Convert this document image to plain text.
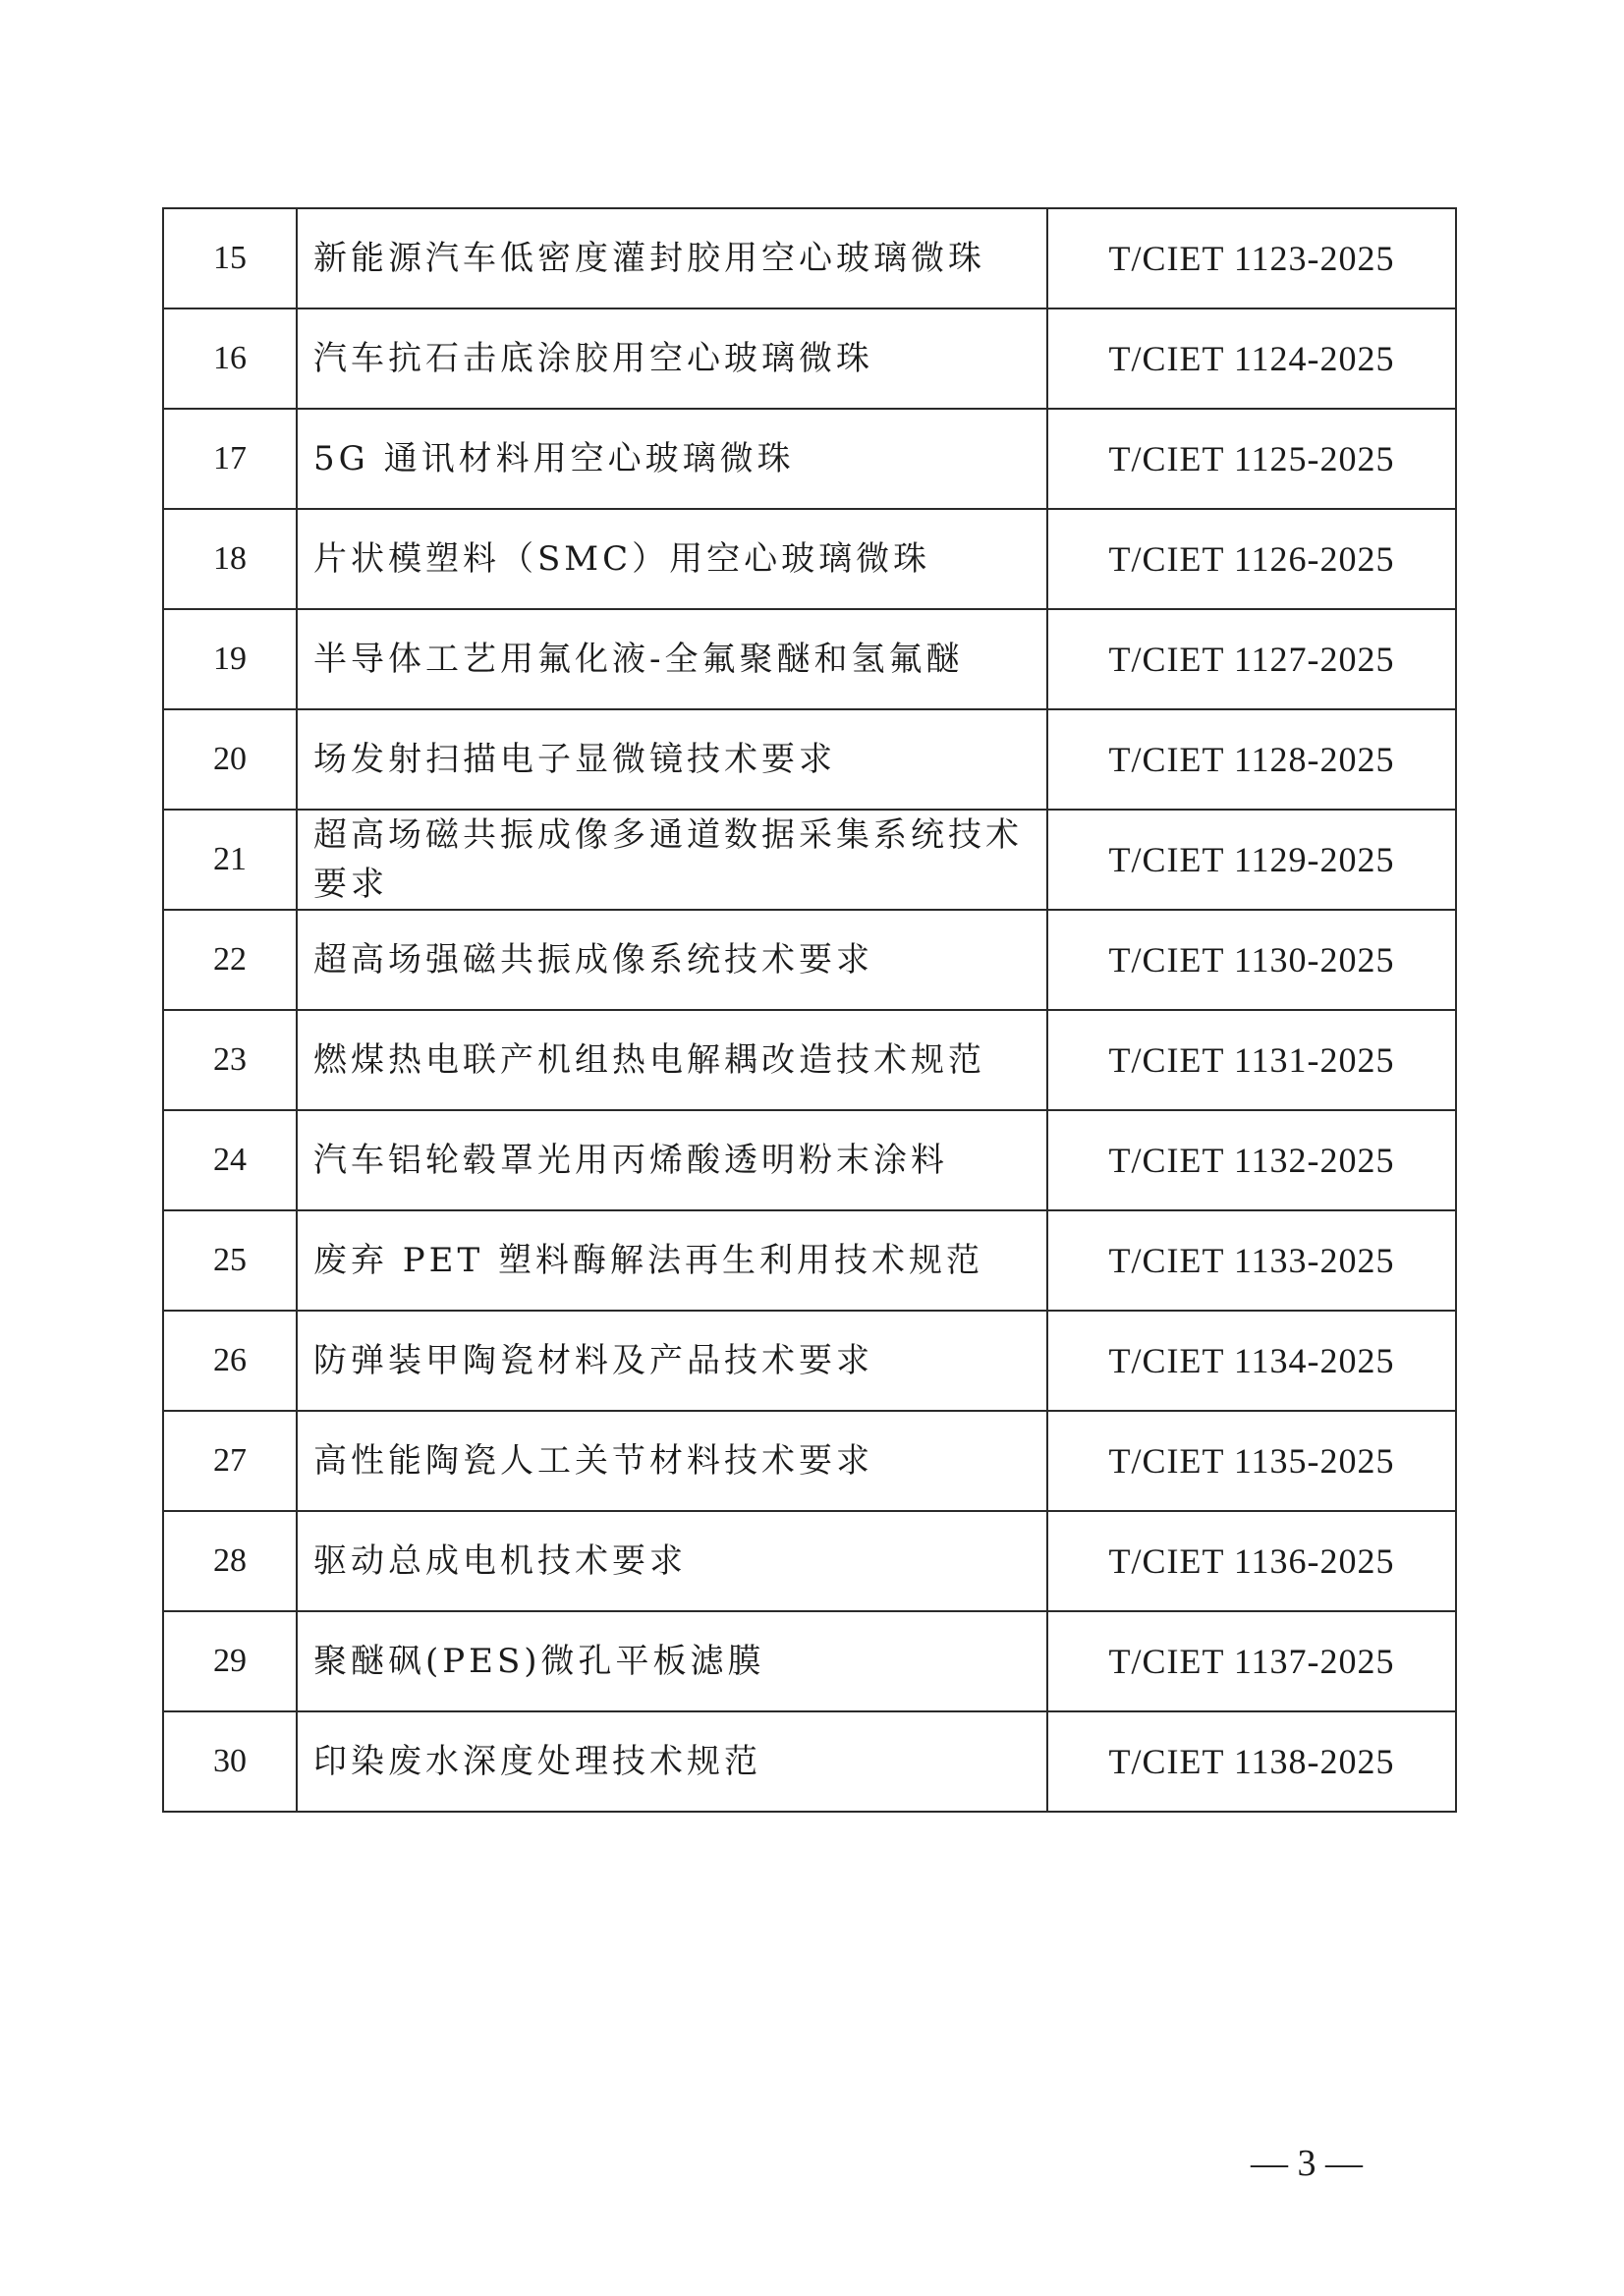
15	新能源汽车低密度灌封胶用空心玻璃微珠	T/CIET 1123-2025
16	汽车抗石击底涂胶用空心玻璃微珠	T/CIET 1124-2025
17	5G 通讯材料用空心玻璃微珠	T/CIET 1125-2025
18	片状模塑料（SMC）用空心玻璃微珠	T/CIET 1126-2025
19	半导体工艺用氟化液-全氟聚醚和氢氟醚	T/CIET 1127-2025
20	场发射扫描电子显微镜技术要求	T/CIET 1128-2025
21	超高场磁共振成像多通道数据采集系统技术要求	T/CIET 1129-2025
22	超高场强磁共振成像系统技术要求	T/CIET 1130-2025
23	燃煤热电联产机组热电解耦改造技术规范	T/CIET 1131-2025
24	汽车铝轮毂罩光用丙烯酸透明粉末涂料	T/CIET 1132-2025
25	废弃 PET 塑料酶解法再生利用技术规范	T/CIET 1133-2025
26	防弹装甲陶瓷材料及产品技术要求	T/CIET 1134-2025
27	高性能陶瓷人工关节材料技术要求	T/CIET 1135-2025
28	驱动总成电机技术要求	T/CIET 1136-2025
29	聚醚砜(PES)微孔平板滤膜	T/CIET 1137-2025
30	印染废水深度处理技术规范	T/CIET 1138-2025
— 3 —
